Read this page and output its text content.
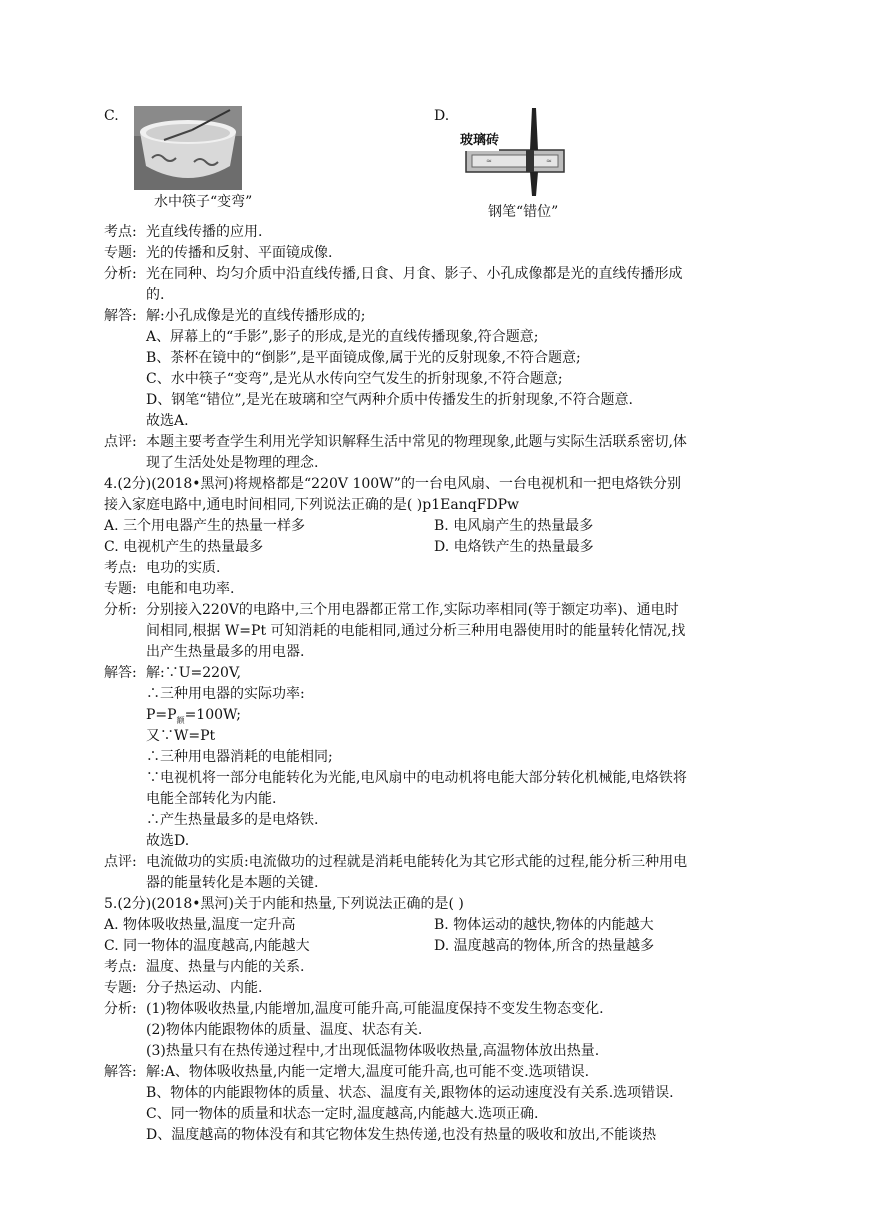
C.
水中筷子“变弯”
D.
≈	≈
玻璃砖
钢笔“错位”
考点: 光直线传播的应用.
专题: 光的传播和反射、平面镜成像.
分析: 光在同种、均匀介质中沿直线传播,日食、月食、影子、小孔成像都是光的直线传播形成
的.
解答: 解:小孔成像是光的直线传播形成的;
A、屏幕上的“手影”,影子的形成,是光的直线传播现象,符合题意;
B、茶杯在镜中的“倒影”,是平面镜成像,属于光的反射现象,不符合题意;
C、水中筷子“变弯”,是光从水传向空气发生的折射现象,不符合题意;
D、钢笔“错位”,是光在玻璃和空气两种介质中传播发生的折射现象,不符合题意.
故选A.
点评: 本题主要考查学生利用光学知识解释生活中常见的物理现象,此题与实际生活联系密切,体
现了生活处处是物理的理念.
4.(2分)(2018•黑河)将规格都是“220V 100W”的一台电风扇、一台电视机和一把电烙铁分别
接入家庭电路中,通电时间相同,下列说法正确的是( )p1EanqFDPw
A. 三个用电器产生的热量一样多	B. 电风扇产生的热量最多
C. 电视机产生的热量最多	D. 电烙铁产生的热量最多
考点: 电功的实质.
专题: 电能和电功率.
分析: 分别接入220V的电路中,三个用电器都正常工作,实际功率相同(等于额定功率)、通电时
间相同,根据 W=Pt 可知消耗的电能相同,通过分析三种用电器使用时的能量转化情况,找
出产生热量最多的用电器.
解答: 解:∵U=220V,
∴三种用电器的实际功率:
$P=P_额=100W$;
又∵W=Pt
∴三种用电器消耗的电能相同;
∵电视机将一部分电能转化为光能,电风扇中的电动机将电能大部分转化机械能,电烙铁将
电能全部转化为内能.
∴产生热量最多的是电烙铁.
故选D.
点评: 电流做功的实质:电流做功的过程就是消耗电能转化为其它形式能的过程,能分析三种用电
器的能量转化是本题的关键.
5.(2分)(2018•黑河)关于内能和热量,下列说法正确的是( )
A. 物体吸收热量,温度一定升高	B. 物体运动的越快,物体的内能越大
C. 同一物体的温度越高,内能越大	D. 温度越高的物体,所含的热量越多
考点: 温度、热量与内能的关系.
专题: 分子热运动、内能.
分析: (1)物体吸收热量,内能增加,温度可能升高,可能温度保持不变发生物态变化.
(2)物体内能跟物体的质量、温度、状态有关.
(3)热量只有在热传递过程中,才出现低温物体吸收热量,高温物体放出热量.
解答: 解:A、物体吸收热量,内能一定增大,温度可能升高,也可能不变.选项错误.
B、物体的内能跟物体的质量、状态、温度有关,跟物体的运动速度没有关系.选项错误.
C、同一物体的质量和状态一定时,温度越高,内能越大.选项正确.
D、温度越高的物体没有和其它物体发生热传递,也没有热量的吸收和放出,不能谈热
